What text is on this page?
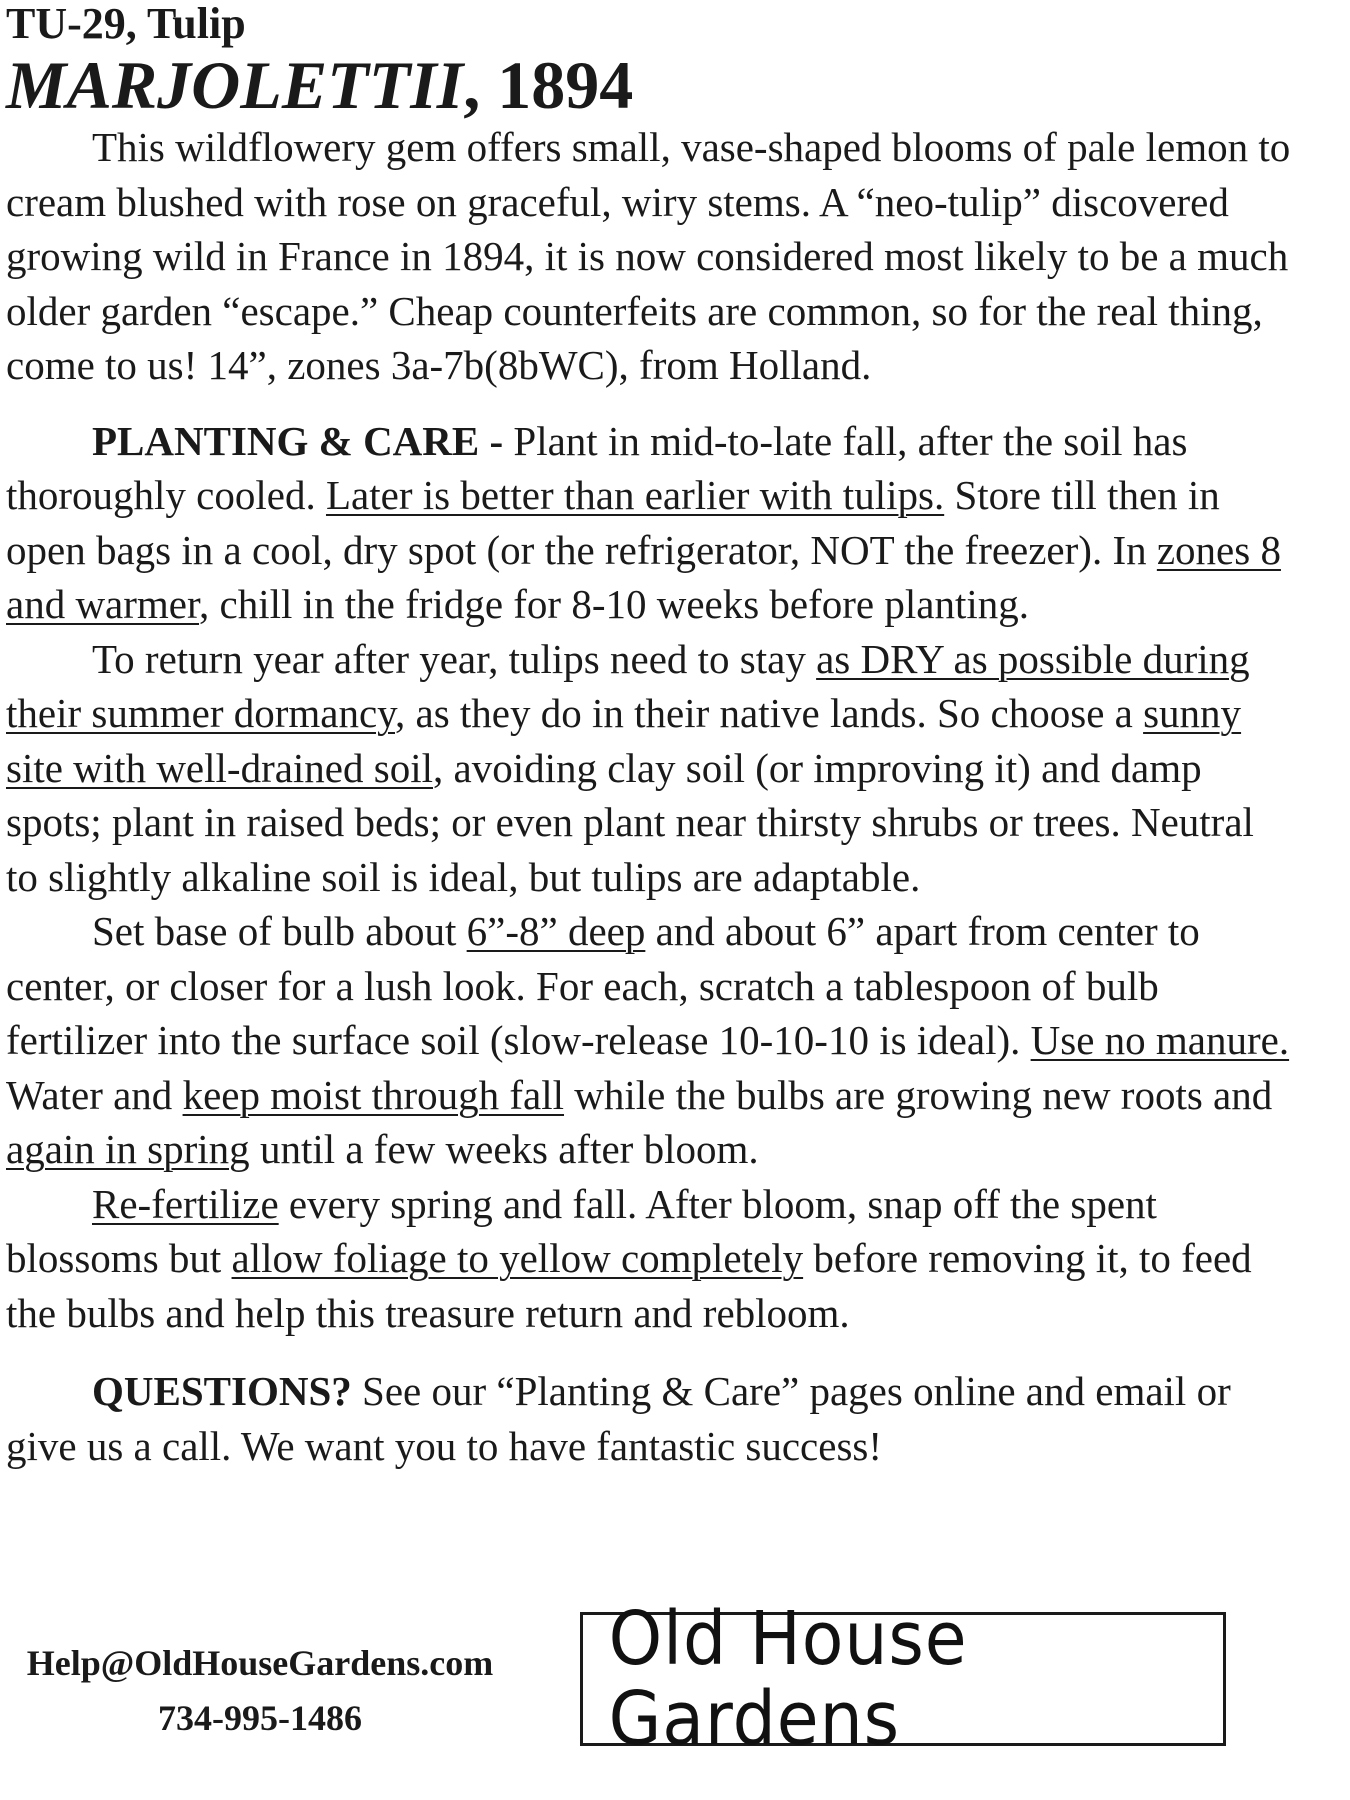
TU-29, Tulip

MARJOLETTII, 1894

This wildflowery gem offers small, vase-shaped blooms of pale lemon to cream blushed with rose on graceful, wiry stems. A “neo-tulip” discovered growing wild in France in 1894, it is now considered most likely to be a much older garden “escape.” Cheap counterfeits are common, so for the real thing, come to us! 14”, zones 3a-7b(8bWC), from Holland.

PLANTING & CARE - Plant in mid-to-late fall, after the soil has thoroughly cooled. Later is better than earlier with tulips. Store till then in open bags in a cool, dry spot (or the refrigerator, NOT the freezer). In zones 8 and warmer, chill in the fridge for 8-10 weeks before planting.

To return year after year, tulips need to stay as DRY as possible during their summer dormancy, as they do in their native lands. So choose a sunny site with well-drained soil, avoiding clay soil (or improving it) and damp spots; plant in raised beds; or even plant near thirsty shrubs or trees. Neutral to slightly alkaline soil is ideal, but tulips are adaptable.

Set base of bulb about 6”-8” deep and about 6” apart from center to center, or closer for a lush look. For each, scratch a tablespoon of bulb fertilizer into the surface soil (slow-release 10-10-10 is ideal). Use no manure. Water and keep moist through fall while the bulbs are growing new roots and again in spring until a few weeks after bloom.

Re-fertilize every spring and fall. After bloom, snap off the spent blossoms but allow foliage to yellow completely before removing it, to feed the bulbs and help this treasure return and rebloom.

QUESTIONS? See our “Planting & Care” pages online and email or give us a call. We want you to have fantastic success!

Help@OldHouseGardens.com
734-995-1486
Old House Gardens
